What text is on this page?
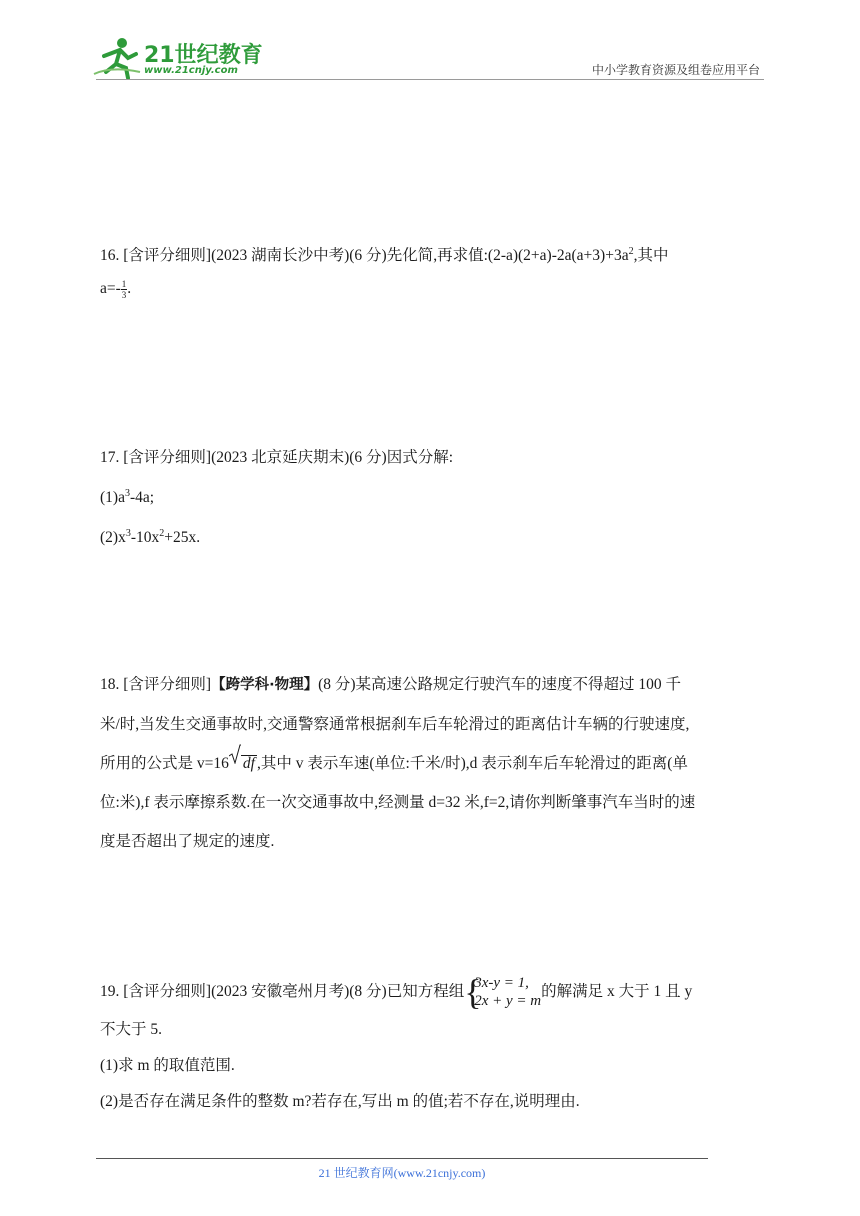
21世纪教育
www.21cnjy.com	中小学教育资源及组卷应用平台
16. [含评分细则](2023 湖南长沙中考)(6 分)先化简,再求值$:(2-a)(2+a)-2a(a+3)+3a^2$,其中
$a=- \frac{1}{3}$ .
17. [含评分细则](2023 北京延庆期末)(6 分)因式分解:
$(1)a^3-4a$;
$(2)x^3-10x^2+25x$.
18. [含评分细则]【跨学科·物理】(8 分)某高速公路规定行驶汽车的速度不得超过 100 千
米/时,当发生交通事故时,交通警察通常根据刹车后车轮滑过的距离估计车辆的行驶速度,
所用的公式是 v=16 df ,其中 v 表示车速(单位:千米/时),d 表示刹车后车轮滑过的距离(单
位:米),f 表示摩擦系数.在一次交通事故中,经测量 d=32 米,f=2,请你判断肇事汽车当时的速
度是否超出了规定的速度.
19. [含评分细则](2023 安徽亳州月考)(8 分)已知方程组 {
3x-y = 1,
2x + y = m
的解满足 x 大于 1 且 y
不大于 5.
(1)求 m 的取值范围.
(2)是否存在满足条件的整数 m?若存在,写出 m 的值;若不存在,说明理由.
21 世纪教育网(www.21cnjy.com)
